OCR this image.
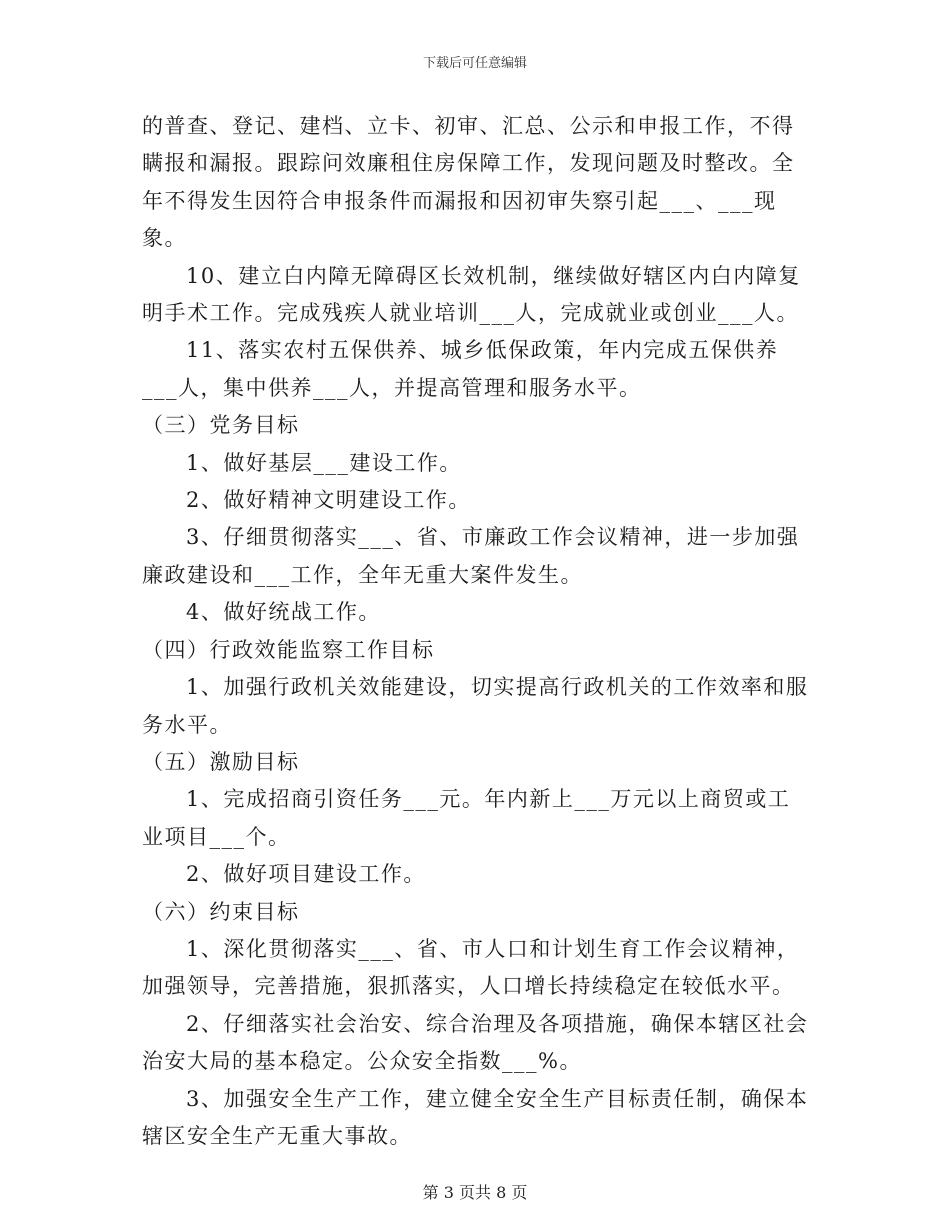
下载后可任意编辑

的普查、登记、建档、立卡、初审、汇总、公示和申报工作，不得瞒报和漏报。跟踪问效廉租住房保障工作，发现问题及时整改。全年不得发生因符合申报条件而漏报和因初审失察引起___、___现象。

10、建立白内障无障碍区长效机制，继续做好辖区内白内障复明手术工作。完成残疾人就业培训___人，完成就业或创业___人。

11、落实农村五保供养、城乡低保政策，年内完成五保供养___人，集中供养___人，并提高管理和服务水平。

（三）党务目标

1、做好基层___建设工作。

2、做好精神文明建设工作。

3、仔细贯彻落实___、省、市廉政工作会议精神，进一步加强廉政建设和___工作，全年无重大案件发生。

4、做好统战工作。

（四）行政效能监察工作目标

1、加强行政机关效能建设，切实提高行政机关的工作效率和服务水平。

（五）激励目标

1、完成招商引资任务___元。年内新上___万元以上商贸或工业项目___个。

2、做好项目建设工作。

（六）约束目标

1、深化贯彻落实___、省、市人口和计划生育工作会议精神，加强领导，完善措施，狠抓落实，人口增长持续稳定在较低水平。

2、仔细落实社会治安、综合治理及各项措施，确保本辖区社会治安大局的基本稳定。公众安全指数___%。

3、加强安全生产工作，建立健全安全生产目标责任制，确保本辖区安全生产无重大事故。

第 3 页共 8 页
